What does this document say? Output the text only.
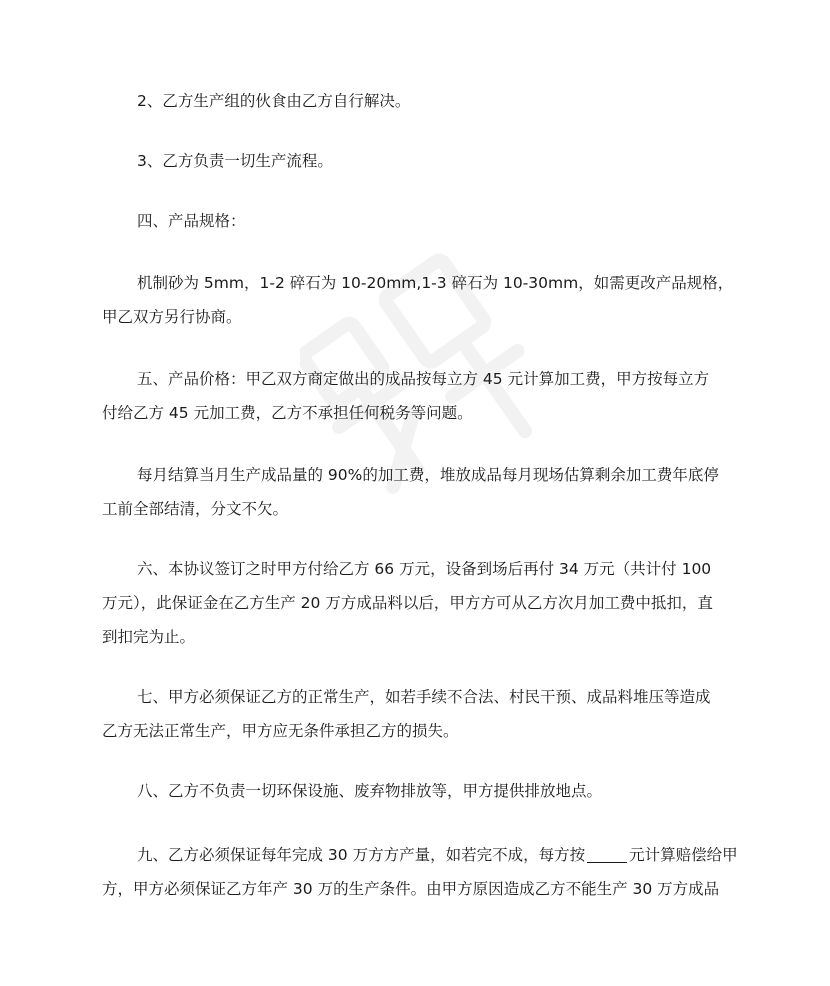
2、乙方生产组的伙食由乙方自行解决。

3、乙方负责一切生产流程。

四、产品规格：

机制砂为 5mm，1-2 碎石为 10-20mm,1-3 碎石为 10-30mm，如需更改产品规格，
甲乙双方另行协商。

五、产品价格：甲乙双方商定做出的成品按每立方 45 元计算加工费，甲方按每立方
付给乙方 45 元加工费，乙方不承担任何税务等问题。

每月结算当月生产成品量的 90%的加工费，堆放成品每月现场估算剩余加工费年底停
工前全部结清，分文不欠。

六、本协议签订之时甲方付给乙方 66 万元，设备到场后再付 34 万元（共计付 100
万元），此保证金在乙方生产 20 万方成品料以后，甲方方可从乙方次月加工费中抵扣，直
到扣完为止。

七、甲方必须保证乙方的正常生产，如若手续不合法、村民干预、成品料堆压等造成
乙方无法正常生产，甲方应无条件承担乙方的损失。

八、乙方不负责一切环保设施、废弃物排放等，甲方提供排放地点。

九、乙方必须保证每年完成 30 万方方产量，如若完不成，每方按	元计算赔偿给甲
方，甲方必须保证乙方年产 30 万的生产条件。由甲方原因造成乙方不能生产 30 万方成品
